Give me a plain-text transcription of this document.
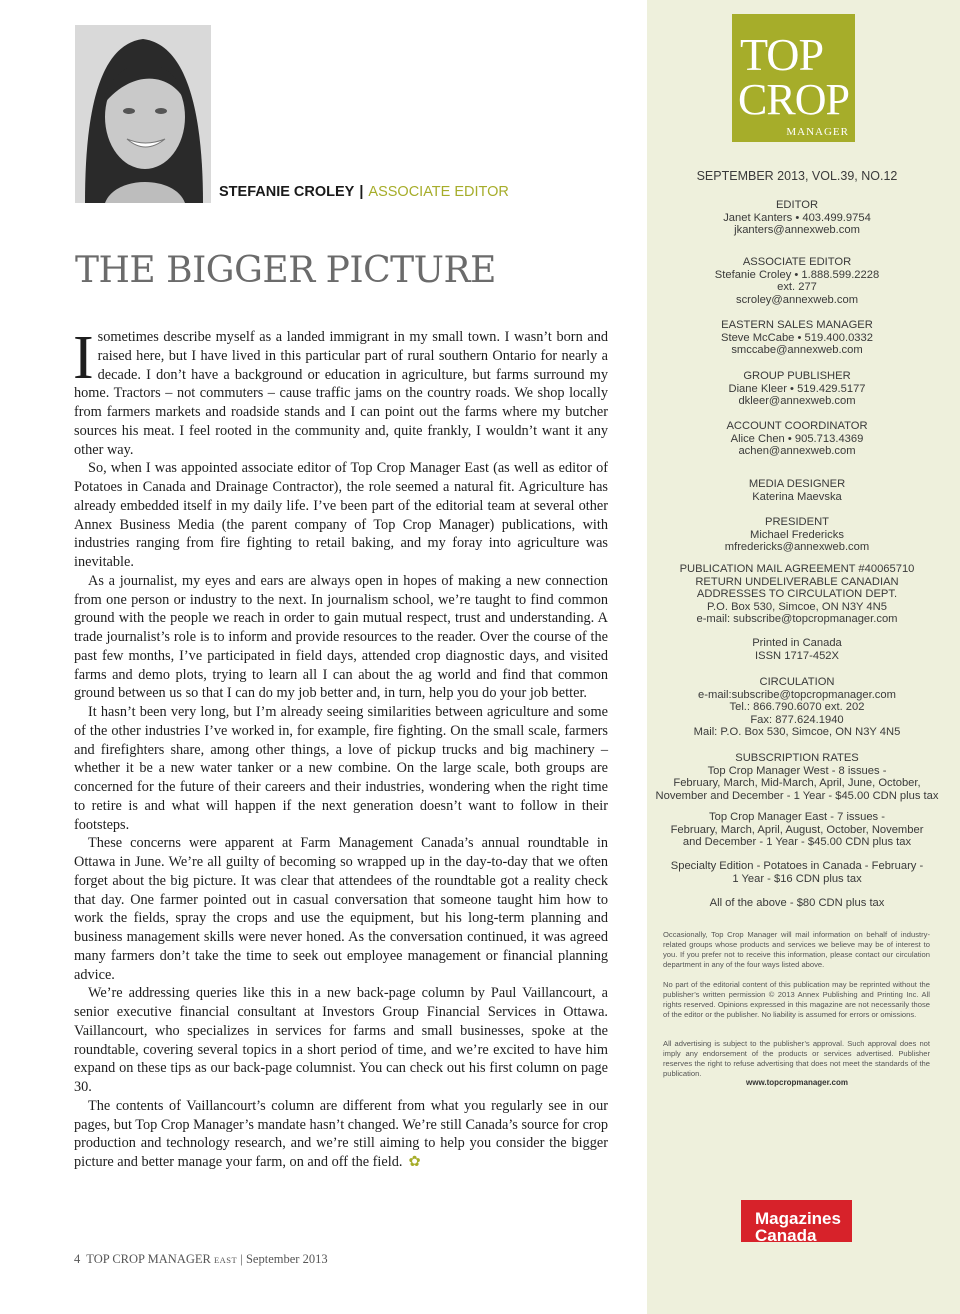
STEFANIE CROLEY | ASSOCIATE EDITOR
THE BIGGER PICTURE

I sometimes describe myself as a landed immigrant in my small town. I wasn’t born and raised here, but I have lived in this particular part of rural southern Ontario for nearly a decade. I don’t have a background or education in agriculture, but farms surround my home. Tractors – not commuters – cause traffic jams on the country roads. We shop locally from farmers markets and roadside stands and I can point out the farms where my butcher sources his meat. I feel rooted in the community and, quite frankly, I wouldn’t want it any other way.

So, when I was appointed associate editor of Top Crop Manager East (as well as editor of Potatoes in Canada and Drainage Contractor), the role seemed a natural fit. Agriculture has already embedded itself in my daily life. I’ve been part of the editorial team at several other Annex Business Media (the parent company of Top Crop Manager) publications, with industries ranging from fire fighting to retail baking, and my foray into agriculture was inevitable.

As a journalist, my eyes and ears are always open in hopes of making a new connection from one person or industry to the next. In journalism school, we’re taught to find common ground with the people we reach in order to gain mutual respect, trust and understanding. A trade journalist’s role is to inform and provide resources to the reader. Over the course of the past few months, I’ve participated in field days, attended crop diagnostic days, and visited farms and demo plots, trying to learn all I can about the ag world and find that common ground between us so that I can do my job better and, in turn, help you do your job better.

It hasn’t been very long, but I’m already seeing similarities between agriculture and some of the other industries I’ve worked in, for example, fire fighting. On the small scale, farmers and firefighters share, among other things, a love of pickup trucks and big machinery – whether it be a new water tanker or a new combine. On the large scale, both groups are concerned for the future of their careers and their industries, wondering when the right time to retire is and what will happen if the next generation doesn’t want to follow in their footsteps.

These concerns were apparent at Farm Management Canada’s annual roundtable in Ottawa in June. We’re all guilty of becoming so wrapped up in the day-to-day that we often forget about the big picture. It was clear that attendees of the roundtable got a reality check that day. One farmer pointed out in casual conversation that someone taught him how to work the fields, spray the crops and use the equipment, but his long-term planning and business management skills were never honed. As the conversation continued, it was agreed many farmers don’t take the time to seek out employee management or financial planning advice.

We’re addressing queries like this in a new back-page column by Paul Vaillancourt, a senior executive financial consultant at Investors Group Financial Services in Ottawa. Vaillancourt, who specializes in services for farms and small businesses, spoke at the roundtable, covering several topics in a short period of time, and we’re excited to have him expand on these tips as our back-page columnist. You can check out his first column on page 30.

The contents of Vaillancourt’s column are different from what you regularly see in our pages, but Top Crop Manager’s mandate hasn’t changed. We’re still Canada’s source for crop production and technology research, and we’re still aiming to help you consider the bigger picture and better manage your farm, on and off the field. ✿

4 TOP CROP MANAGER EAST | September 2013
TOP
CROP
MANAGER
SEPTEMBER 2013, VOL.39, NO.12
EDITOR
Janet Kanters • 403.499.9754
jkanters@annexweb.com
ASSOCIATE EDITOR
Stefanie Croley • 1.888.599.2228
ext. 277
scroley@annexweb.com
EASTERN SALES MANAGER
Steve McCabe • 519.400.0332
smccabe@annexweb.com
GROUP PUBLISHER
Diane Kleer • 519.429.5177
dkleer@annexweb.com
ACCOUNT COORDINATOR
Alice Chen • 905.713.4369
achen@annexweb.com
MEDIA DESIGNER
Katerina Maevska
PRESIDENT
Michael Fredericks
mfredericks@annexweb.com
PUBLICATION MAIL AGREEMENT #40065710
RETURN UNDELIVERABLE CANADIAN
ADDRESSES TO CIRCULATION DEPT.
P.O. Box 530, Simcoe, ON N3Y 4N5
e-mail: subscribe@topcropmanager.com
Printed in Canada
ISSN 1717-452X
CIRCULATION
e-mail:subscribe@topcropmanager.com
Tel.: 866.790.6070 ext. 202
Fax: 877.624.1940
Mail: P.O. Box 530, Simcoe, ON N3Y 4N5
SUBSCRIPTION RATES
Top Crop Manager West - 8 issues -
February, March, Mid-March, April, June, October,
November and December - 1 Year - $45.00 CDN plus tax
Top Crop Manager East - 7 issues -
February, March, April, August, October, November
and December - 1 Year - $45.00 CDN plus tax
Specialty Edition - Potatoes in Canada - February -
1 Year - $16 CDN plus tax
All of the above - $80 CDN plus tax
Occasionally, Top Crop Manager will mail information on behalf of industry-related groups whose products and services we believe may be of interest to you. If you prefer not to receive this information, please contact our circulation department in any of the four ways listed above.
No part of the editorial content of this publication may be reprinted without the publisher’s written permission © 2013 Annex Publishing and Printing Inc. All rights reserved. Opinions expressed in this magazine are not necessarily those of the editor or the publisher. No liability is assumed for errors or omissions.
All advertising is subject to the publisher’s approval. Such approval does not imply any endorsement of the products or services advertised. Publisher reserves the right to refuse advertising that does not meet the standards of the publication.
www.topcropmanager.com
Magazines
Canada
